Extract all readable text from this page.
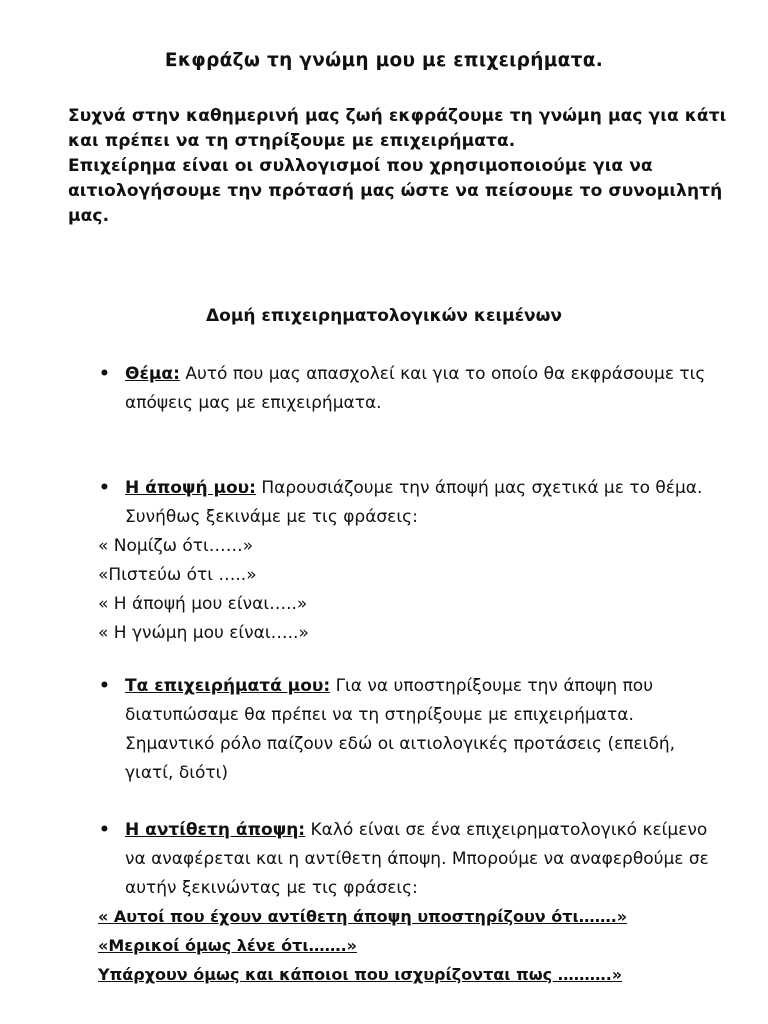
Εκφράζω τη γνώμη μου με επιχειρήματα.

Συχνά στην καθημερινή μας ζωή εκφράζουμε τη γνώμη μας για κάτι και πρέπει να τη στηρίξουμε με επιχειρήματα.

Επιχείρημα είναι οι συλλογισμοί που χρησιμοποιούμε για να αιτιολογήσουμε την πρότασή μας ώστε να πείσουμε το συνομιλητή μας.

Δομή επιχειρηματολογικών κειμένων
• Θέμα: Αυτό που μας απασχολεί και για το οποίο θα εκφράσουμε τις απόψεις μας με επιχειρήματα.
• Η άποψή μου: Παρουσιάζουμε την άποψή μας σχετικά με το θέμα. Συνήθως ξεκινάμε με τις φράσεις:
« Νομίζω ότι……»
«Πιστεύω ότι …..»
« Η άποψή μου είναι…..»
« Η γνώμη μου είναι…..»
• Τα επιχειρήματά μου: Για να υποστηρίξουμε την άποψη που διατυπώσαμε θα πρέπει να τη στηρίξουμε με επιχειρήματα. Σημαντικό ρόλο παίζουν εδώ οι αιτιολογικές προτάσεις (επειδή, γιατί, διότι)
• Η αντίθετη άποψη: Καλό είναι σε ένα επιχειρηματολογικό κείμενο να αναφέρεται και η αντίθετη άποψη. Μπορούμε να αναφερθούμε σε αυτήν ξεκινώντας με τις φράσεις:
« Αυτοί που έχουν αντίθετη άποψη υποστηρίζουν ότι…….»
«Μερικοί όμως λένε ότι…….»
Υπάρχουν όμως και κάποιοι που ισχυρίζονται πως ……….»
